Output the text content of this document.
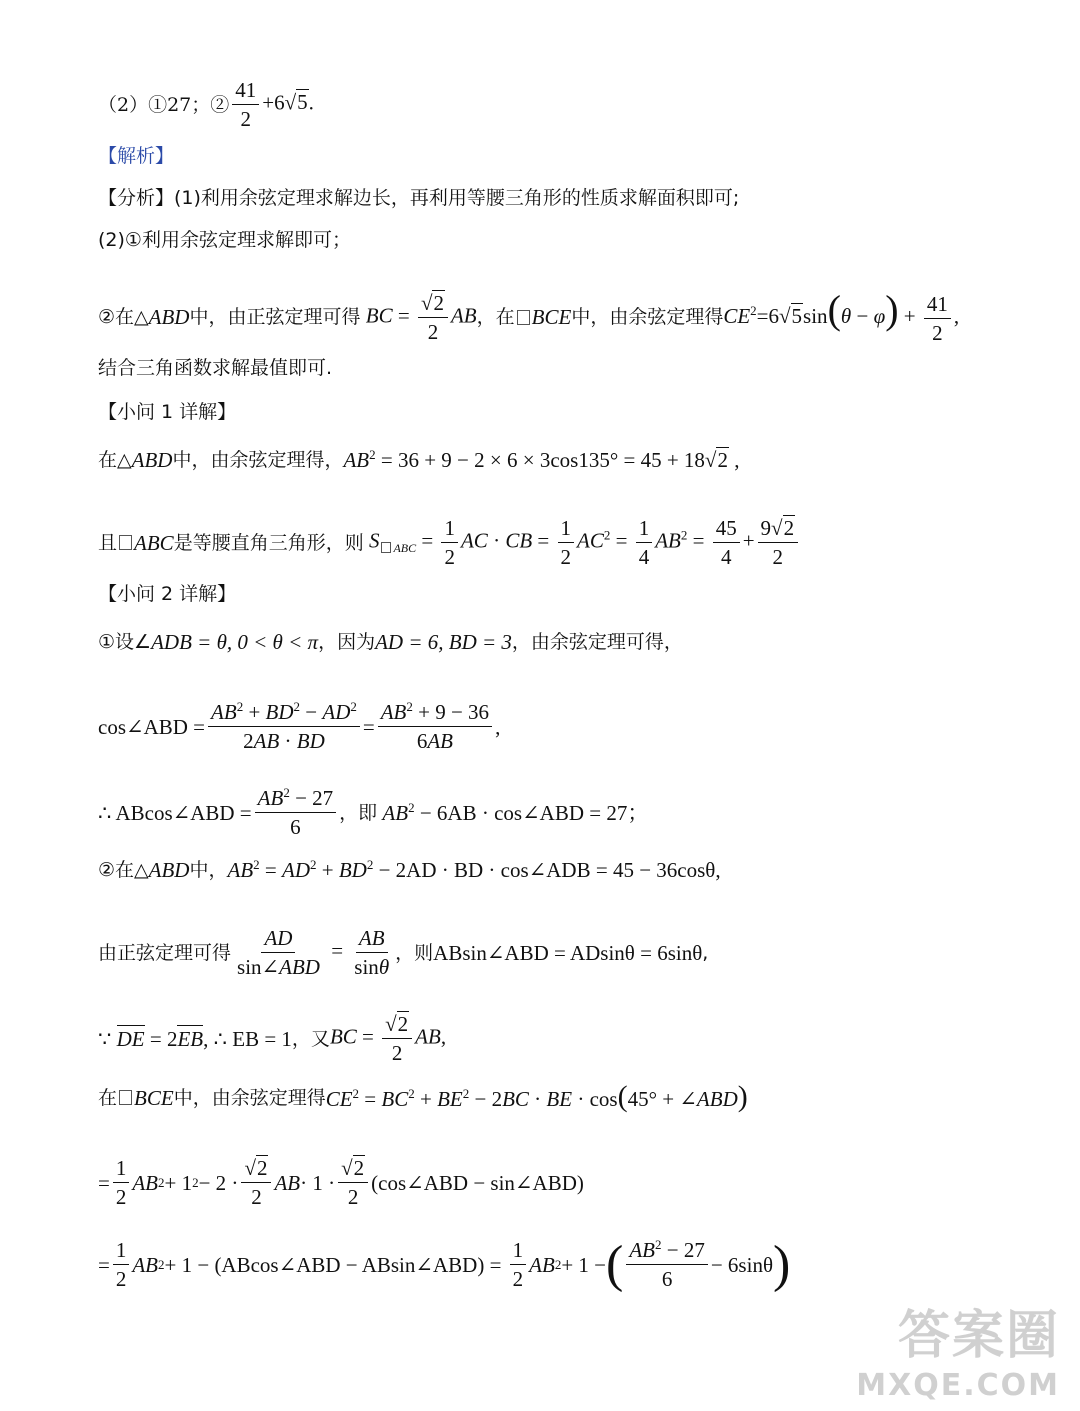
（2）①27；② $\frac{41}{2} +6√5$.
【解析】
【分析】 (1)利用余弦定理求解边长，再利用等腰三角形的性质求解面积即可;
(2)①利用余弦定理求解即可；
②在△ ABD 中，由正弦定理可得 BC = $\frac{√2}{2}$ AB ，在 BCE 中，由余弦定理得 $CE^2=6√5\sin(\theta - \varphi) + \frac{41}{2}$ ,
结合三角函数求解最值即可.
【小问 1 详解】
在△ ABD 中，由余弦定理得， $AB^2 = 36 + 9 - 2 \times 6 \times 3\cos 135^\circ = 45 + 18√2$ ,
且 ABC 是等腰直角三角形，则 S $_{ABC} = \frac{1}{2}$ AC · CB = $\frac{1}{2} AC^2 = \frac{1}{4} AB^2 = \frac{45}{4} + \frac{9√2}{2}$
【小问 2 详解】
①设∠ ADB = θ, 0 < θ < π ，因为 AD = 6, BD = 3 ，由余弦定理可得，
cos∠ABD = $\frac{AB^2 + BD^2 - AD^2}{2AB \cdot BD} = \frac{AB^2 + 9 - 36}{6AB}$ ,
∴ ABcos∠ABD = $\frac{AB^2 - 27}{6}$ ，即 $AB^2 - 6AB$ · cos∠ABD = 27；
②在△ ABD 中， $AB^2 = AD^2 + BD^2 - 2AD$ · BD · cos∠ADB = 45 − 36cosθ,
由正弦定理可得 $\frac{AD}{\text{sin∠ABD}} = \frac{AB}{\sin\theta}$ ，则 ABsin∠ABD = ADsinθ = 6sinθ ,
∵ DE = 2EB , ∴ EB = 1 ，又 BC = $\frac{√2}{2}$ AB,
在 BCE 中，由余弦定理得 $CE^2 = BC^2 + BE^2 - 2BC$ · BE · cos(45° + ∠ABD)
= $\frac{1}{2}$ AB 2 + 1 $2 - 2 \cdot \frac{√2}{2}$ AB · $1 \cdot \frac{√2}{2}$ (cos∠ABD − sin∠ABD)
= $\frac{1}{2}$ AB 2 + 1 − (ABcos∠ABD − ABsin∠ABD) =
$\frac{1}{2}$ AB 2 + 1 − ( $\frac{AB^2 - 27}{6} - 6\sin\theta$ )
答案圈
MXQE.COM
